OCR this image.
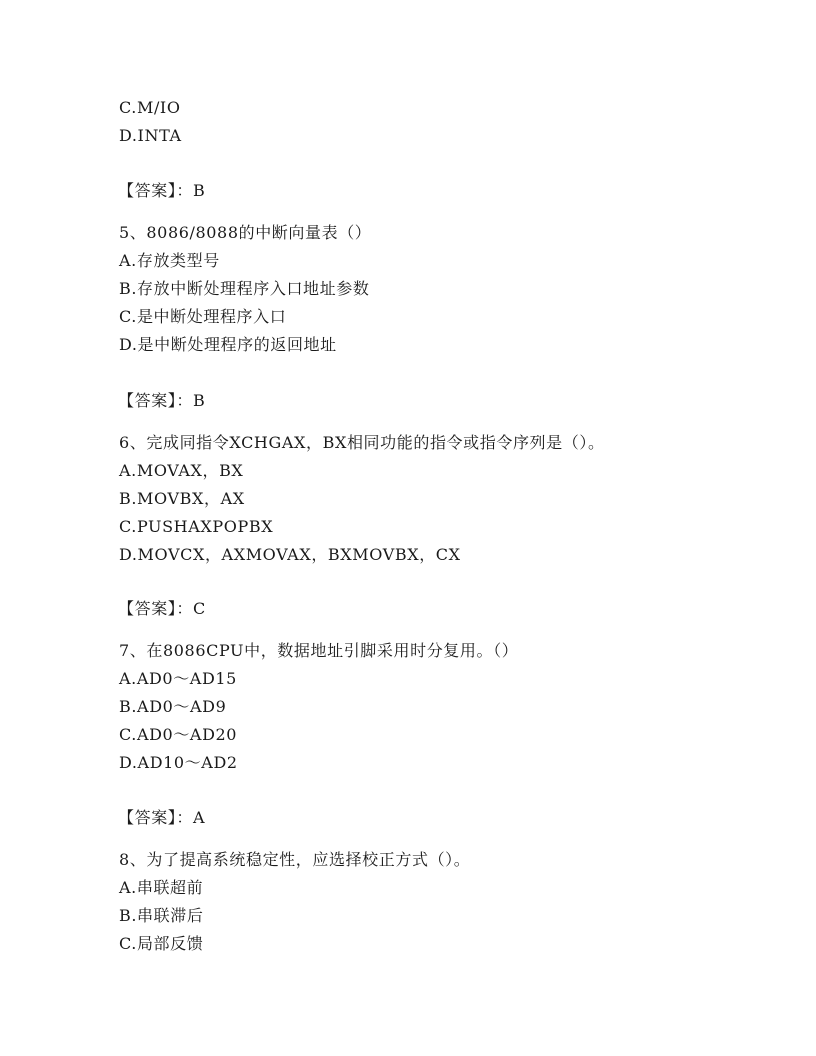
C.M/IO
D.INTA
【答案】：B
5、8086/8088的中断向量表（）
A.存放类型号
B.存放中断处理程序入口地址参数
C.是中断处理程序入口
D.是中断处理程序的返回地址
【答案】：B
6、完成同指令XCHGAX，BX相同功能的指令或指令序列是（）。
A.MOVAX，BX
B.MOVBX，AX
C.PUSHAXPOPBX
D.MOVCX，AXMOVAX，BXMOVBX，CX
【答案】：C
7、在8086CPU中，数据地址引脚采用时分复用。（）
A.AD0～AD15
B.AD0～AD9
C.AD0～AD20
D.AD10～AD2
【答案】：A
8、为了提高系统稳定性，应选择校正方式（）。
A.串联超前
B.串联滞后
C.局部反馈
